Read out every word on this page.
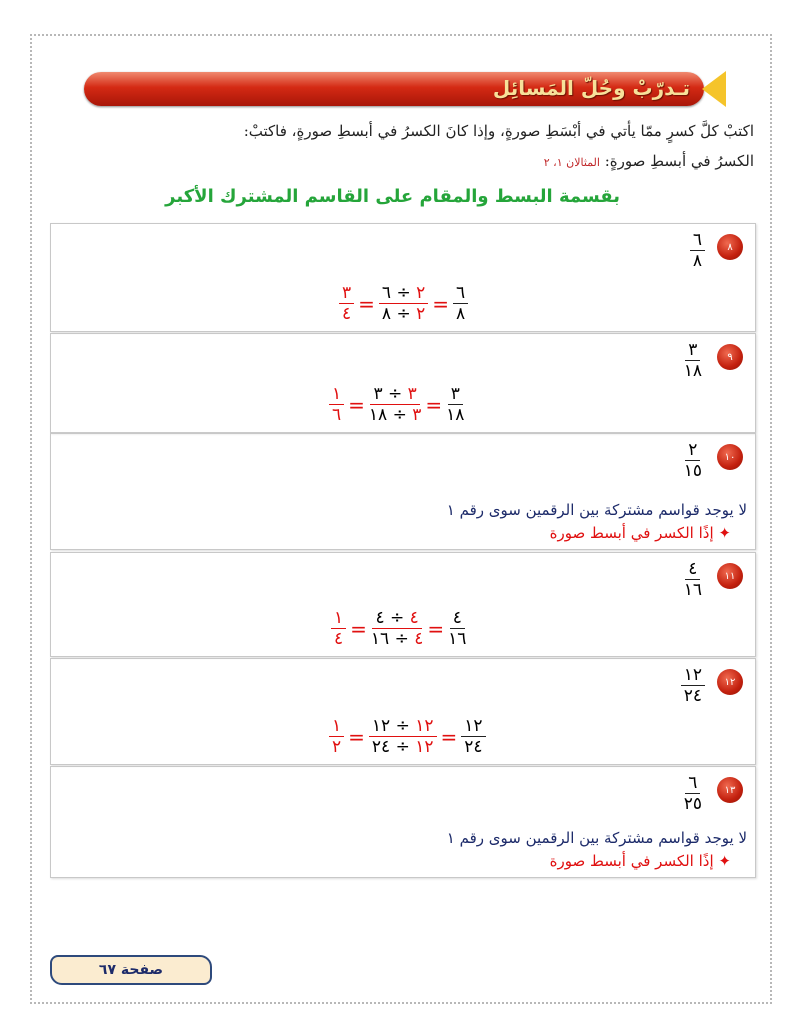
تـدرّبْ وحُلّ المَسائِل
اكتبْ كلَّ كسرٍ ممّا يأتي في أبْسَطِ صورةٍ، وإذا كانَ الكسرُ في أبسطِ صورةٍ، فاكتبْ:
الكسرُ في أبسطِ صورةٍ: المثالان ١، ٢
بقسمة البسط والمقام على القاسم المشترك الأكبر
٨
٦
٨
٣
٤ =	٢ ÷ ٦
٢ ÷ ٨	= ٦
٨
٩
٣
١٨
١
٦ =	٣ ÷ ٣
٣ ÷ ١٨	= ٣
١٨
١٠
٢
١٥
لا يوجد قواسم مشتركة بين الرقمين سوى رقم ١
✦ إذًا الكسر في أبسط صورة
١١
٤
١٦
١
٤ =	٤ ÷ ٤
٤ ÷ ١٦	= ٤
١٦
١٢
١٢
٢٤
١
٢ =	١٢ ÷ ١٢
١٢ ÷ ٢٤	= ١٢
٢٤
١٣
٦
٢٥
لا يوجد قواسم مشتركة بين الرقمين سوى رقم ١
✦ إذًا الكسر في أبسط صورة
صفحة ٦٧
